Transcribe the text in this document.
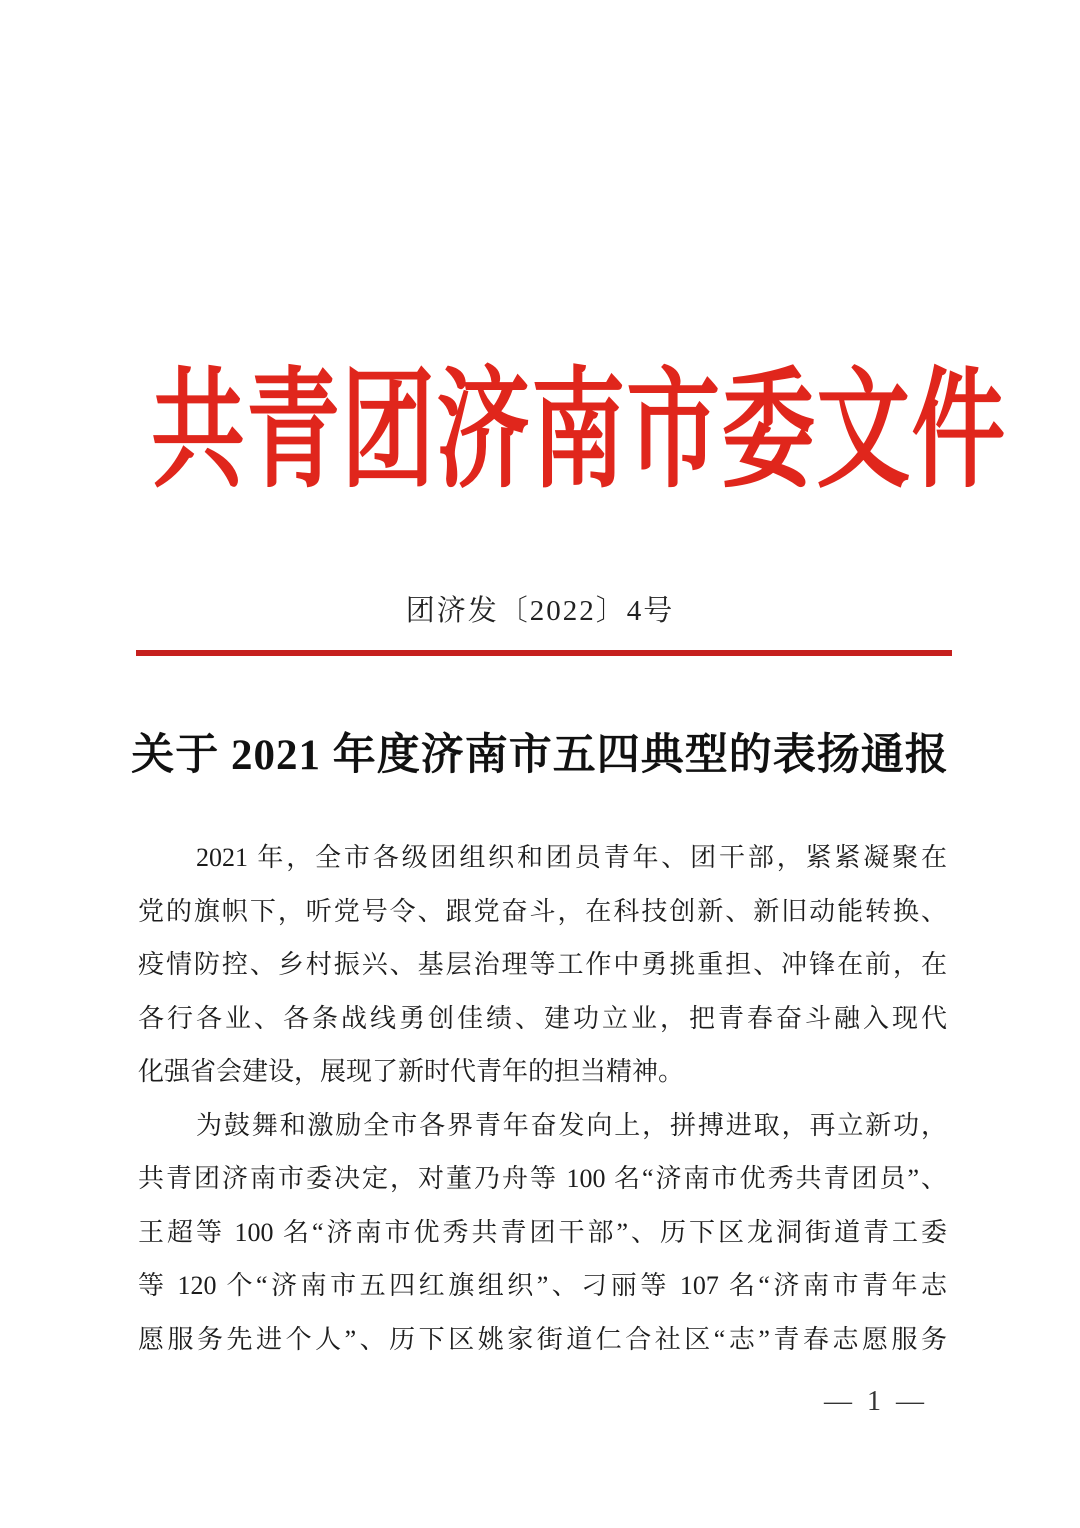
共青团济南市委文件
团济发〔2022〕4号
关于 2021 年度济南市五四典型的表扬通报
2021 年，全市各级团组织和团员青年、团干部，紧紧凝聚在
党的旗帜下，听党号令、跟党奋斗，在科技创新、新旧动能转换、
疫情防控、乡村振兴、基层治理等工作中勇挑重担、冲锋在前，在
各行各业、各条战线勇创佳绩、建功立业，把青春奋斗融入现代
化强省会建设，展现了新时代青年的担当精神。
为鼓舞和激励全市各界青年奋发向上，拼搏进取，再立新功，
共青团济南市委决定，对董乃舟等 100 名“济南市优秀共青团员”、
王超等 100 名“济南市优秀共青团干部”、历下区龙洞街道青工委
等 120 个“济南市五四红旗组织”、刁丽等 107 名“济南市青年志
愿服务先进个人”、历下区姚家街道仁合社区“志”青春志愿服务
— 1 —
